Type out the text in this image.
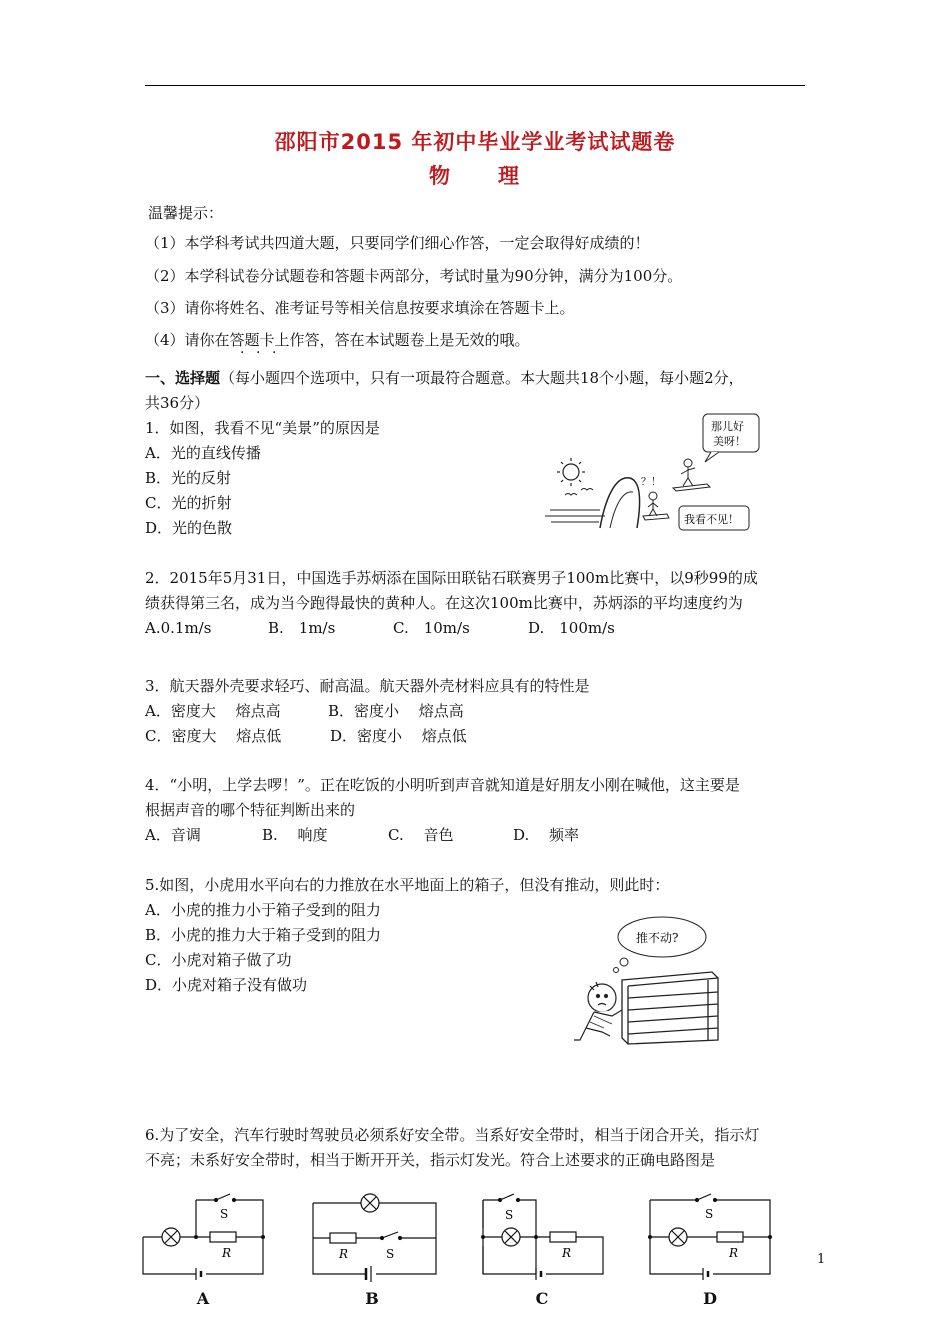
邵阳市2015 年初中毕业学业考试试题卷
物　　理
温馨提示：
（1）本学科考试共四道大题，只要同学们细心作答，一定会取得好成绩的！
（2）本学科试卷分试题卷和答题卡两部分，考试时量为90分钟，满分为100分。
（3）请你将姓名、准考证号等相关信息按要求填涂在答题卡上。
（4）请你在答题卡上作答，答在本试题卷上是无效的哦。
· · ·
一、选择题（每小题四个选项中，只有一项最符合题意。本大题共18个小题，每小题2分，
共36分）
1．如图，我看不见“美景”的原因是
A．光的直线传播
B．光的反射
C．光的折射
D．光的色散
？！
那儿好
美呀！
我看不见！
2．2015年5月31日，中国选手苏炳添在国际田联钻石联赛男子100m比赛中，以9秒99的成
绩获得第三名，成为当今跑得最快的黄种人。在这次100m比赛中，苏炳添的平均速度约为
A.0.1m/s	B.　1m/s	C.　10m/s	D.　100m/s
3．航天器外壳要求轻巧、耐高温。航天器外壳材料应具有的特性是
A．密度大　 熔点高	B．密度小　 熔点高
C．密度大　 熔点低	D．密度小　 熔点低
4．“小明，上学去啰！”。正在吃饭的小明听到声音就知道是好朋友小刚在喊他，这主要是
根据声音的哪个特征判断出来的
A．音调	B.　 响度	C.　 音色	D.　 频率
5.如图，小虎用水平向右的力推放在水平地面上的箱子，但没有推动，则此时：
A．小虎的推力小于箱子受到的阻力
B．小虎的推力大于箱子受到的阻力
C．小虎对箱子做了功
D．小虎对箱子没有做功
推不动?
6.为了安全，汽车行驶时驾驶员必须系好安全带。当系好安全带时，相当于闭合开关，指示灯
不亮；未系好安全带时，相当于断开开关，指示灯发光。符合上述要求的正确电路图是
S
R
A
R	S
B
S
R
C
S
R
D
1
